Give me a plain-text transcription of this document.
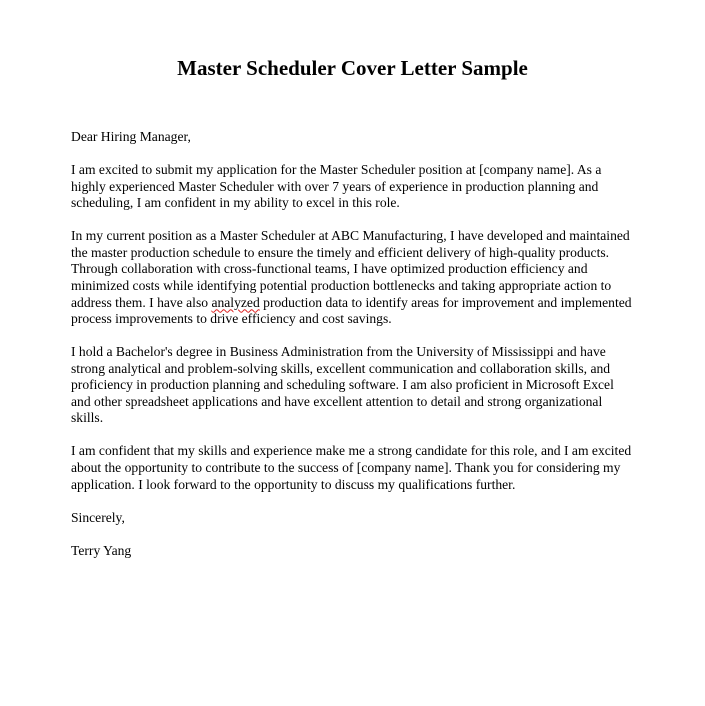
Master Scheduler Cover Letter Sample

Dear Hiring Manager,

I am excited to submit my application for the Master Scheduler position at [company name]. As a highly experienced Master Scheduler with over 7 years of experience in production planning and scheduling, I am confident in my ability to excel in this role.

In my current position as a Master Scheduler at ABC Manufacturing, I have developed and maintained the master production schedule to ensure the timely and efficient delivery of high-quality products. Through collaboration with cross-functional teams, I have optimized production efficiency and minimized costs while identifying potential production bottlenecks and taking appropriate action to address them. I have also analyzed production data to identify areas for improvement and implemented process improvements to drive efficiency and cost savings.

I hold a Bachelor's degree in Business Administration from the University of Mississippi and have strong analytical and problem-solving skills, excellent communication and collaboration skills, and proficiency in production planning and scheduling software. I am also proficient in Microsoft Excel and other spreadsheet applications and have excellent attention to detail and strong organizational skills.

I am confident that my skills and experience make me a strong candidate for this role, and I am excited about the opportunity to contribute to the success of [company name]. Thank you for considering my application. I look forward to the opportunity to discuss my qualifications further.

Sincerely,

Terry Yang
